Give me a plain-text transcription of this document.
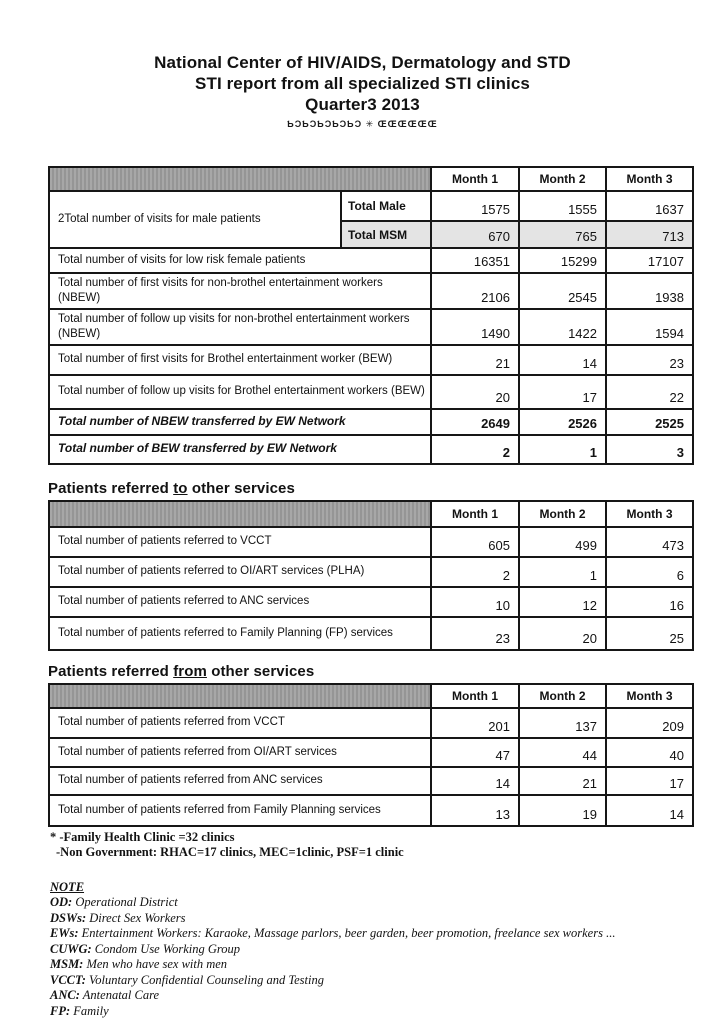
National Center of HIV/AIDS, Dermatology and STD
STI report from all specialized STI clinics
Quarter3 2013
ƄƆƄƆƄƆƄƆƄƆ ✳ ŒŒŒŒŒŒ
		Month 1	Month 2	Month 3
2Total number of visits for male patients	Total Male	1575	1555	1637
	Total MSM	670	765	713
Total number of visits for low risk female patients		16351	15299	17107
Total number of first visits for non-brothel entertainment workers (NBEW)		2106	2545	1938
Total number of follow up visits for non-brothel entertainment workers (NBEW)		1490	1422	1594
Total number of first visits for Brothel entertainment worker (BEW)		21	14	23
Total number of follow up visits for Brothel entertainment workers (BEW)		20	17	22
Total number of NBEW transferred by EW Network		2649	2526	2525
Total number of BEW transferred by EW Network		2	1	3
Patients referred to other services
	Month 1	Month 2	Month 3
Total number of patients referred to VCCT	605	499	473
Total number of patients referred to OI/ART services (PLHA)	2	1	6
Total number of patients referred to ANC services	10	12	16
Total number of patients referred to Family Planning (FP) services	23	20	25
Patients referred from other services
	Month 1	Month 2	Month 3
Total number of patients referred from VCCT	201	137	209
Total number of patients referred from OI/ART services	47	44	40
Total number of patients referred from ANC services	14	21	17
Total number of patients referred from Family Planning services	13	19	14
* -Family Health Clinic =32 clinics
-Non Government: RHAC=17 clinics, MEC=1clinic, PSF=1 clinic
NOTE
OD: Operational District
DSWs: Direct Sex Workers
EWs: Entertainment Workers: Karaoke, Massage parlors, beer garden, beer promotion, freelance sex workers ...
CUWG: Condom Use Working Group
MSM: Men who have sex with men
VCCT: Voluntary Confidential Counseling and Testing
ANC: Antenatal Care
FP: Family
